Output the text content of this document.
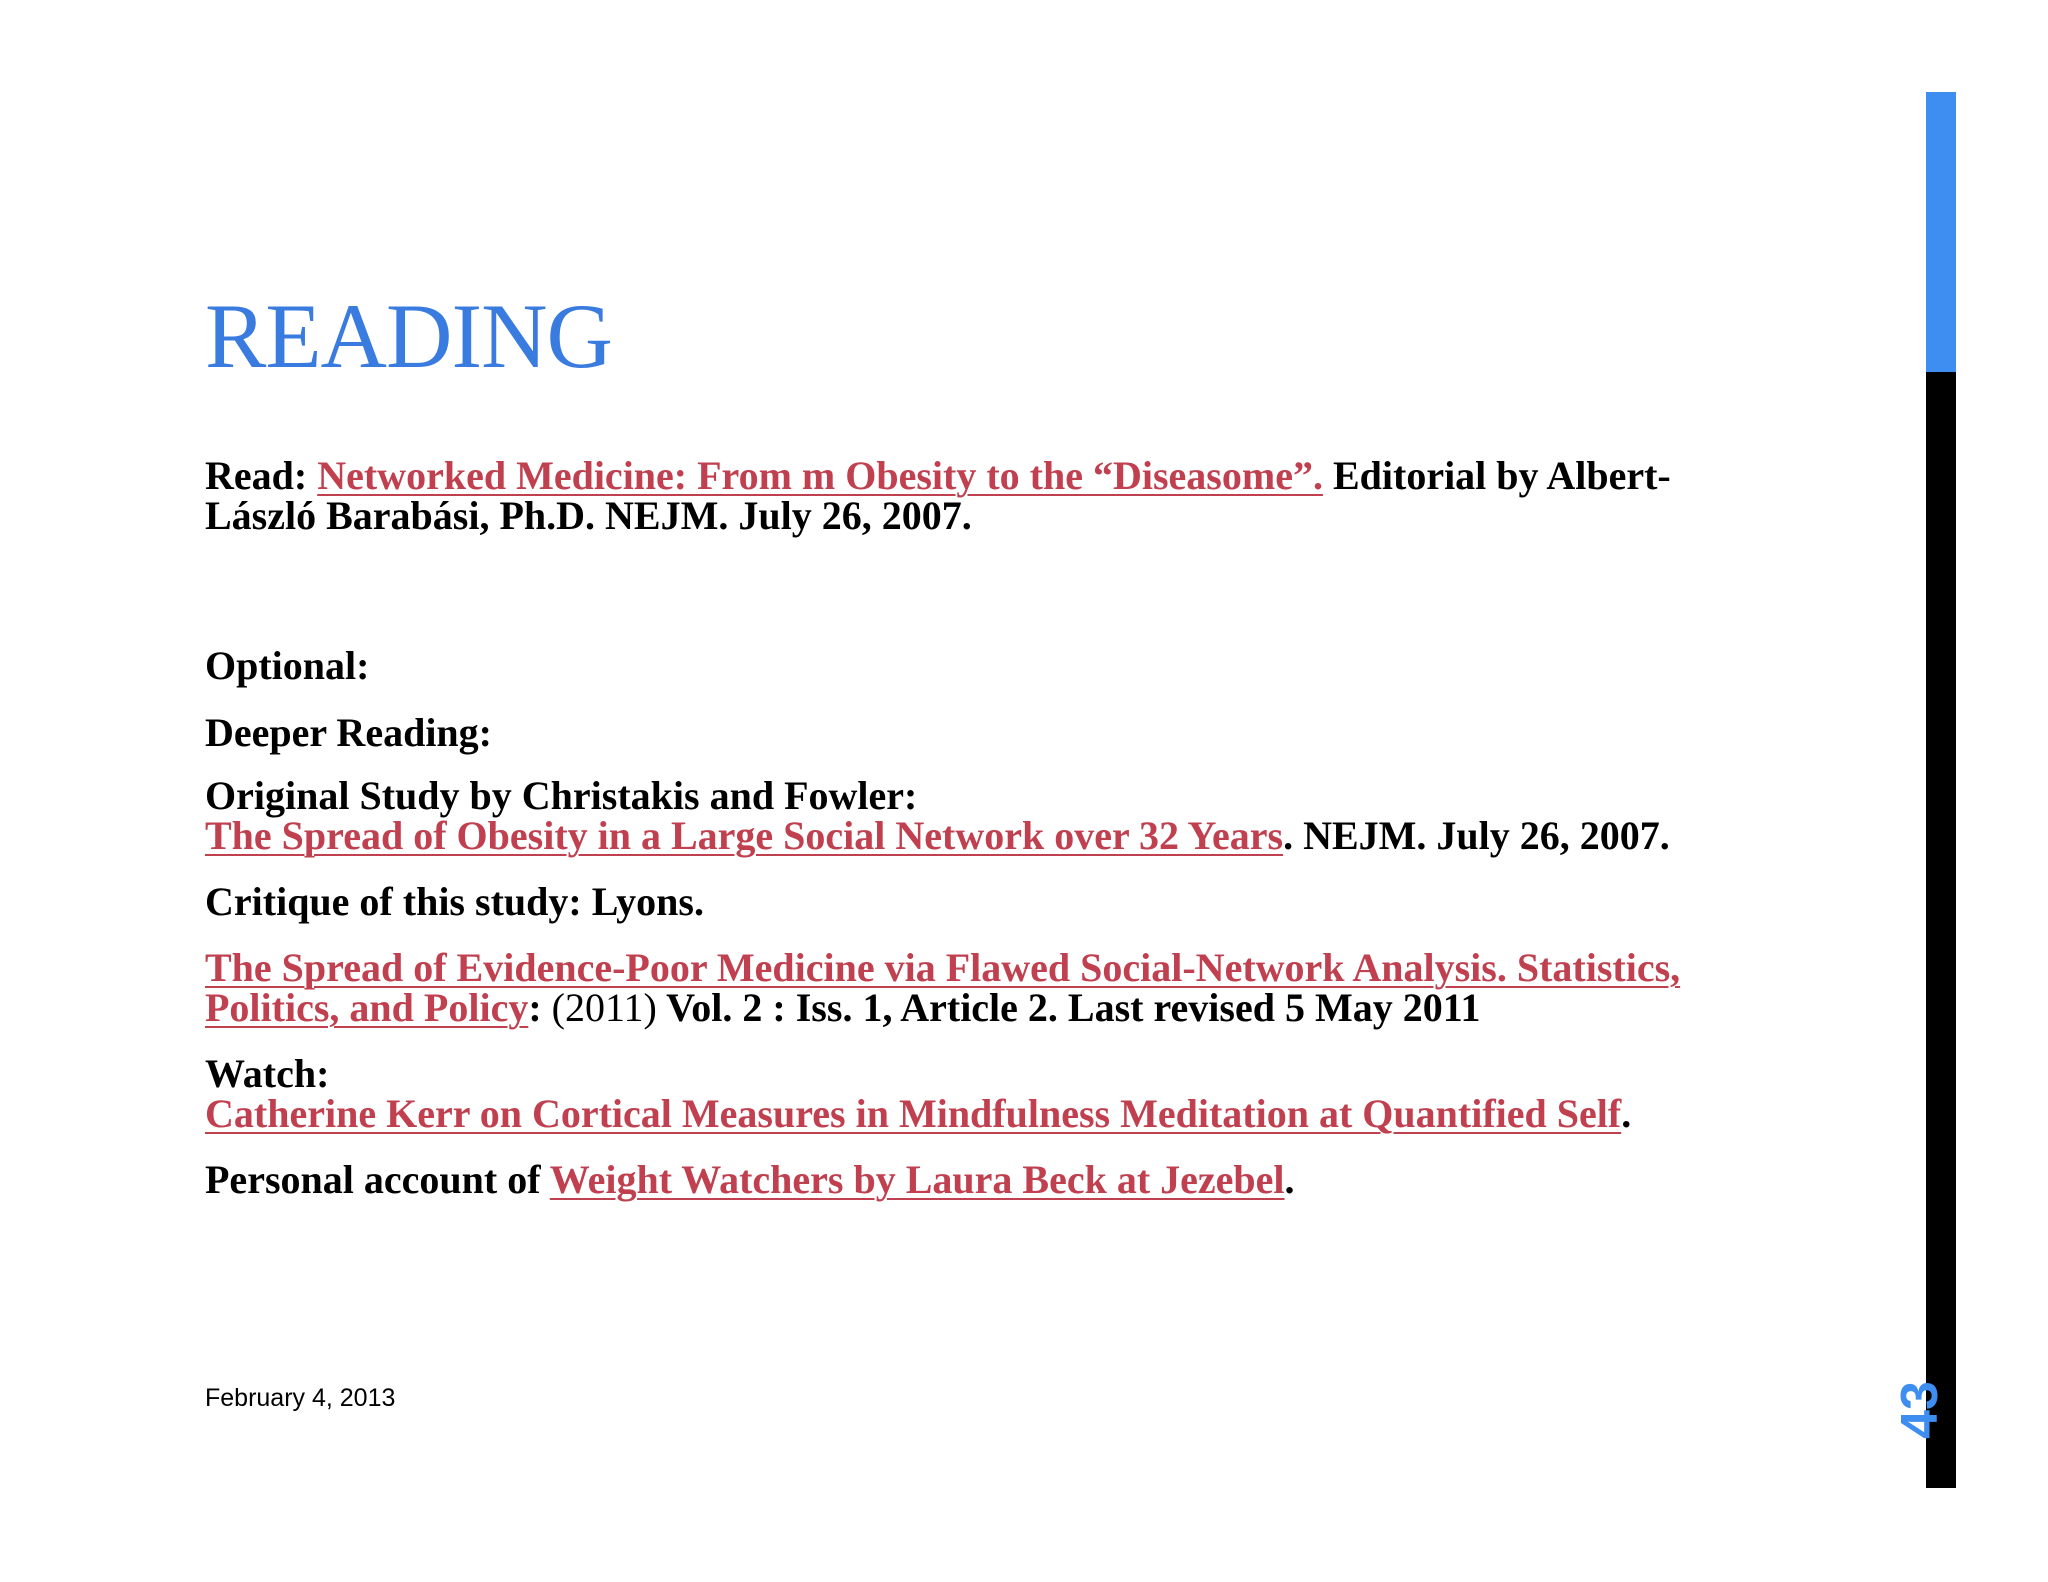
READING

Read: Networked Medicine: From m Obesity to the “Diseasome”. Editorial by Albert-László Barabási, Ph.D. NEJM. July 26, 2007.

Optional:

Deeper Reading:

Original Study by Christakis and Fowler:
The Spread of Obesity in a Large Social Network over 32 Years. NEJM. July 26, 2007.

Critique of this study: Lyons.

The Spread of Evidence-Poor Medicine via Flawed Social-Network Analysis. Statistics, Politics, and Policy: (2011) Vol. 2 : Iss. 1, Article 2. Last revised 5 May 2011

Watch:
Catherine Kerr on Cortical Measures in Mindfulness Meditation at Quantified Self.

Personal account of Weight Watchers by Laura Beck at Jezebel.

February 4, 2013	43
